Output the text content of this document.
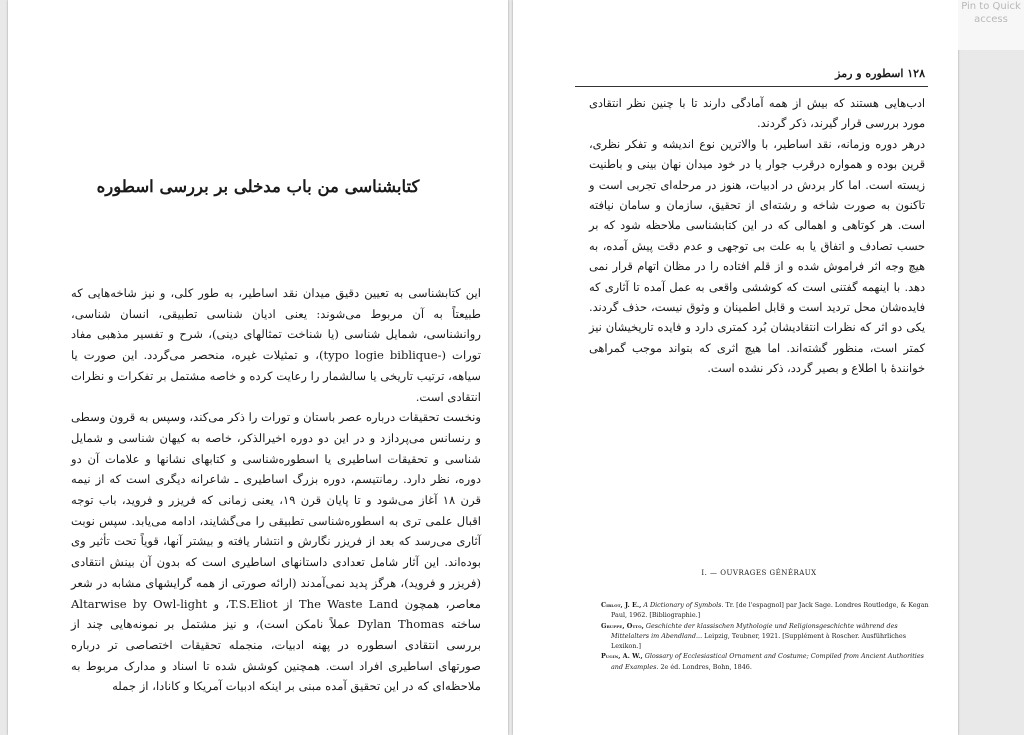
کتابشناسی من باب مدخلی بر بررسی اسطوره

این کتابشناسی به تعیین دقیق میدان نقد اساطیر، به طور کلی، و نیز شاخه‌هایی که طبیعتاً به آن مربوط می‌شوند: یعنی ادیان شناسی تطبیقی، انسان شناسی، روانشناسی، شمایل شناسی (یا شناخت تمثالهای دینی)، شرح و تفسیر مذهبی مفاد تورات (-typo logie biblique)، و تمثیلات غیره، منحصر می‌گردد. این صورت یا سیاهه، ترتیب تاریخی یا سالشمار را رعایت کرده و خاصه مشتمل بر تفکرات و نظرات انتقادی است.

ونخست تحقیقات درباره عصر باستان و تورات را ذکر می‌کند، وسپس به قرون وسطی و رنسانس می‌پردازد و در این دو دوره اخیرالذکر، خاصه به کیهان شناسی و شمایل شناسی و تحقیقات اساطیری یا اسطوره‌شناسی و کتابهای نشانها و علامات آن دو دوره، نظر دارد. رمانتیسم، دوره بزرگ اساطیری ـ شاعرانه دیگری است که از نیمه قرن ۱۸ آغاز می‌شود و تا پایان قرن ۱۹، یعنی زمانی که فریزر و فروید، باب توجه اقبال علمی تری به اسطوره‌شناسی تطبیقی را می‌گشایند، ادامه می‌یابد. سپس نوبت آثاری می‌رسد که بعد از فریزر نگارش و انتشار یافته و بیشتر آنها، قویاً تحت تأثیر وی بوده‌اند. این آثار شامل تعدادی داستانهای اساطیری است که بدون آن بینش انتقادی (فریزر و فروید)، هرگز پدید نمی‌آمدند (ارائه صورتی از همه گرایشهای مشابه در شعر معاصر، همچون The Waste Land از T.S.Eliot، و Altarwise by Owl-light ساخته Dylan Thomas عملاً نامکن است)، و نیز مشتمل بر نمونه‌هایی چند از بررسی انتقادی اسطوره در پهنه ادبیات، منجمله تحقیقات اختصاصی تر درباره صورتهای اساطیری افراد است. همچنین کوشش شده تا اسناد و مدارک مربوط به ملاحظه‌ای که در این تحقیق آمده مبنی بر اینکه ادبیات آمریکا و کانادا، از جمله

۱۲۸ اسطوره و رمز

ادب‌هایی هستند که بیش از همه آمادگی دارند تا با چنین نظر انتقادی مورد بررسی قرار گیرند، ذکر گردند.

درهر دوره وزمانه، نقد اساطیر، با والاترین نوع اندیشه و تفکر نظری، قرین بوده و همواره درقرب جوار یا در خود میدان نهان بینی و باطنیت زیسته است. اما کار بردش در ادبیات، هنوز در مرحله‌ای تجربی است و تاکنون به صورت شاخه و رشته‌ای از تحقیق، سازمان و سامان نیافته است. هر کوتاهی و اهمالی که در این کتابشناسی ملاحظه شود که بر حسب تصادف و اتفاق یا به علت بی توجهی و عدم دقت پیش آمده، به هیچ وجه اثر فراموش شده و از قلم افتاده را در مظان اتهام قرار نمی دهد. با اینهمه گفتنی است که کوششی واقعی به عمل آمده تا آثاری که فایده‌شان محل تردید است و قابل اطمینان و وثوق نیست، حذف گردند. یکی دو اثر که نظرات انتقادیشان بُرد کمتری دارد و فایده تاریخیشان نیز کمتر است، منظور گشته‌اند. اما هیچ اثری که بتواند موجب گمراهی خوانندهٔ با اطلاع و بصیر گردد، ذکر نشده است.

I. — OUVRAGES GÉNÉRAUX

Cirlot, J. E., A Dictionary of Symbols. Tr. [de l'espagnol] par Jack Sage. Londres Routledge, & Kegan Paul, 1962. [Bibliographie.]

Gruppe, Otto, Geschichte der klassischen Mythologie und Religionsgeschichte während des Mittelalters im Abendland... Leipzig, Teubner, 1921. [Supplément à Roscher. Ausführliches Lexikon.]

Pugin, A. W., Glossary of Ecclesiastical Ornament and Costume; Compiled from Ancient Authorities and Examples. 2e éd. Londres, Bohn, 1846.

Pin to Quick access
